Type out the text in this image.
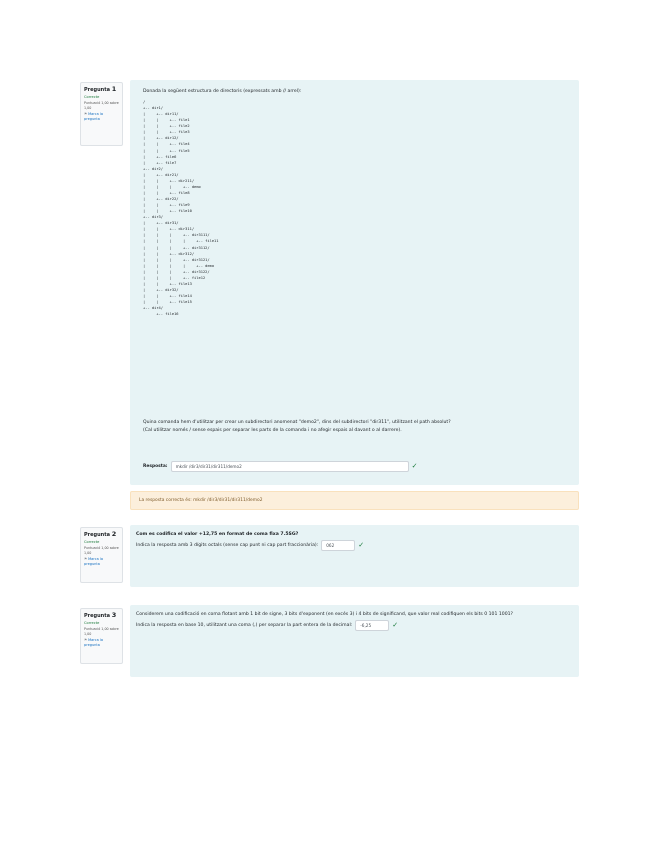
Pregunta 1
Correcte
Puntuació 1,00 sobre 1,00
⚑Marca la pregunta
Donada la següent estructura de directoris (expressats amb // arrel):
/
+-- dir1/
|     +-- dir11/
|     |     +-- file1
|     |     +-- file2
|     |     +-- file3
|     +-- dir12/
|     |     +-- file4
|     |     +-- file5
|     +-- file6
|     +-- file7
+-- dir2/
|     +-- dir21/
|     |     +-- dir211/
|     |     |     +-- demo
|     |     +-- file8
|     +-- dir22/
|     |     +-- file9
|     |     +-- file10
+-- dir3/
|     +-- dir31/
|     |     +-- dir311/
|     |     |     +-- dir3111/
|     |     |     |     +-- file11
|     |     |     +-- dir3112/
|     |     +-- dir312/
|     |     |     +-- dir3121/
|     |     |     |     +-- demo
|     |     |     +-- dir3122/
|     |     |     +-- file12
|     |     +-- file13
|     +-- dir32/
|     |     +-- file14
|     |     +-- file15
+-- dir4/
+-- file16
Quina comanda hem d'utilitzar per crear un subdirectori anomenat "demo2", dins del subdirectori "dir311", utilitzant el path absolut?
(Cal utilitzar només / sense espais per separar les parts de la comanda i no afegir espais al davant o al darrere).
Resposta:	mkdir /dir3/dir31/dir311/demo2	✓
La resposta correcta és: mkdir /dir3/dir31/dir311/demo2
Pregunta 2
Correcte
Puntuació 1,00 sobre 1,00
⚑Marca la pregunta
Com es codifica el valor +12,75 en format de coma fixa 7.5SG?
Indica la resposta amb 3 dígits octals (sense cap punt ni cap part fraccionària):	062	✓
Pregunta 3
Correcte
Puntuació 1,00 sobre 1,00
⚑Marca la pregunta
Considerem una codificació en coma flotant amb 1 bit de signe, 3 bits d'exponent (en excés 3) i 4 bits de significand, que valor real codifiquen els bits 0 101 1001?
Indica la resposta en base 10, utilitzant una coma (,) per separar la part entera de la decimal:	-6,25	✓
